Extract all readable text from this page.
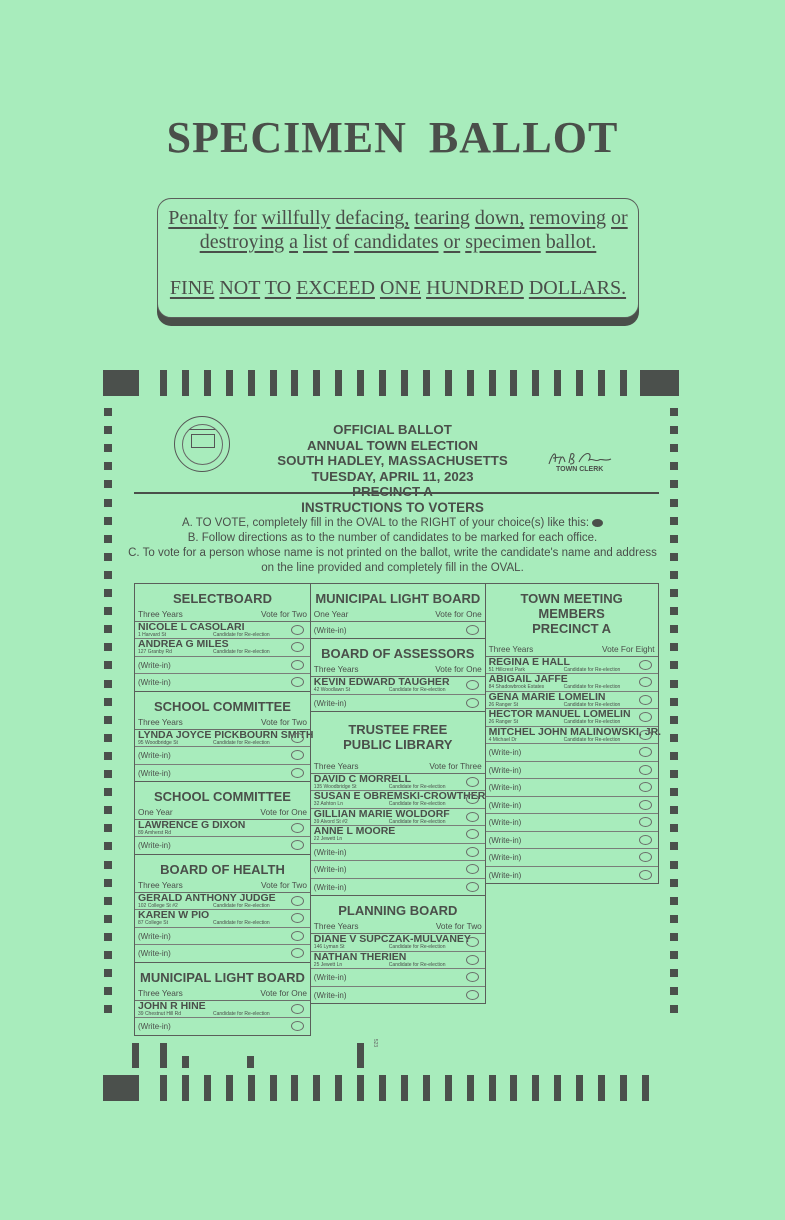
SPECIMEN BALLOT
Penalty for willfully defacing, tearing down, removing or
destroying a list of candidates or specimen ballot.
FINE NOT TO EXCEED ONE HUNDRED DOLLARS.
OFFICIAL BALLOT
ANNUAL TOWN ELECTION
SOUTH HADLEY, MASSACHUSETTS
TUESDAY, APRIL 11, 2023	TOWN CLERK
INSTRUCTIONS TO VOTERS
A. TO VOTE, completely fill in the OVAL to the RIGHT of your choice(s) like this:
B. Follow directions as to the number of candidates to be marked for each office.
C. To vote for a person whose name is not printed on the ballot, write the candidate's name and address
on the line provided and completely fill in the OVAL.
SELECTBOARD
Three Years	Vote for Two
NICOLE L CASOLARI
1 Harvard St	Candidate for Re-election
ANDREA G MILES
127 Granby Rd	Candidate for Re-election
(Write-in)
(Write-in)
SCHOOL COMMITTEE
Three Years	Vote for Two
LYNDA JOYCE PICKBOURN SMITH
95 Woodbridge St	Candidate for Re-election
(Write-in)
(Write-in)
SCHOOL COMMITTEE
One Year	Vote for One
LAWRENCE G DIXON
89 Amherst Rd
(Write-in)
BOARD OF HEALTH
Three Years	Vote for Two
GERALD ANTHONY JUDGE
102 College St #2	Candidate for Re-election
KAREN W PIO
87 College St	Candidate for Re-election
(Write-in)
(Write-in)
MUNICIPAL LIGHT BOARD
Three Years	Vote for One
JOHN R HINE
39 Chestnut Hill Rd	Candidate for Re-election
(Write-in)
MUNICIPAL LIGHT BOARD
One Year	Vote for One
(Write-in)
BOARD OF ASSESSORS
Three Years	Vote for One
KEVIN EDWARD TAUGHER
42 Woodlawn St	Candidate for Re-election
(Write-in)
TRUSTEE FREE
PUBLIC LIBRARY
Three Years	Vote for Three
DAVID C MORRELL
135 Woodbridge St	Candidate for Re-election
SUSAN E OBREMSKI-CROWTHER
32 Ashton Ln	Candidate for Re-election
GILLIAN MARIE WOLDORF
39 Alvord St #2	Candidate for Re-election
ANNE L MOORE
22 Jewett Ln
(Write-in)
(Write-in)
(Write-in)
PLANNING BOARD
Three Years	Vote for Two
DIANE V SUPCZAK-MULVANEY
146 Lyman St	Candidate for Re-election
NATHAN THERIEN
25 Jewett Ln	Candidate for Re-election
(Write-in)
(Write-in)
TOWN MEETING MEMBERS
PRECINCT A
Three Years	Vote For Eight
REGINA E HALL
51 Hillcrest Park	Candidate for Re-election
ABIGAIL JAFFE
84 Shadowbrook Estates	Candidate for Re-election
GENA MARIE LOMELIN
26 Ranger St	Candidate for Re-election
HECTOR MANUEL LOMELIN
26 Ranger St	Candidate for Re-election
MITCHEL JOHN MALINOWSKI, JR.
4 Michael Dr	Candidate for Re-election
(Write-in)
(Write-in)
(Write-in)
(Write-in)
(Write-in)
(Write-in)
(Write-in)
(Write-in)
523
